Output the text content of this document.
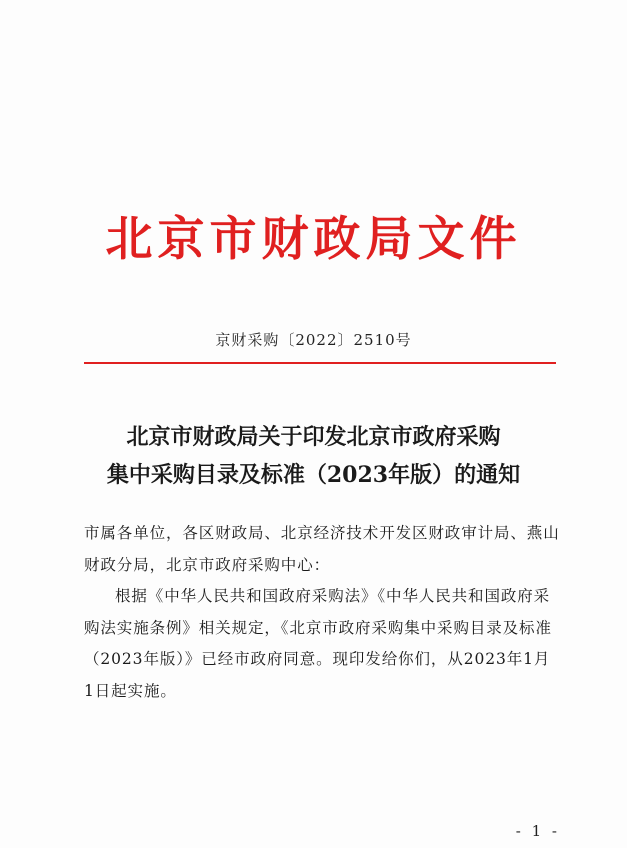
北京市财政局文件
京财采购〔2022〕2510号
北京市财政局关于印发北京市政府采购
集中采购目录及标准（2023年版）的通知

市属各单位，各区财政局、北京经济技术开发区财政审计局、燕山财政分局，北京市政府采购中心：

根据《中华人民共和国政府采购法》《中华人民共和国政府采购法实施条例》相关规定，《北京市政府采购集中采购目录及标准（2023年版）》已经市政府同意。现印发给你们，从2023年1月1日起实施。

- 1 -
